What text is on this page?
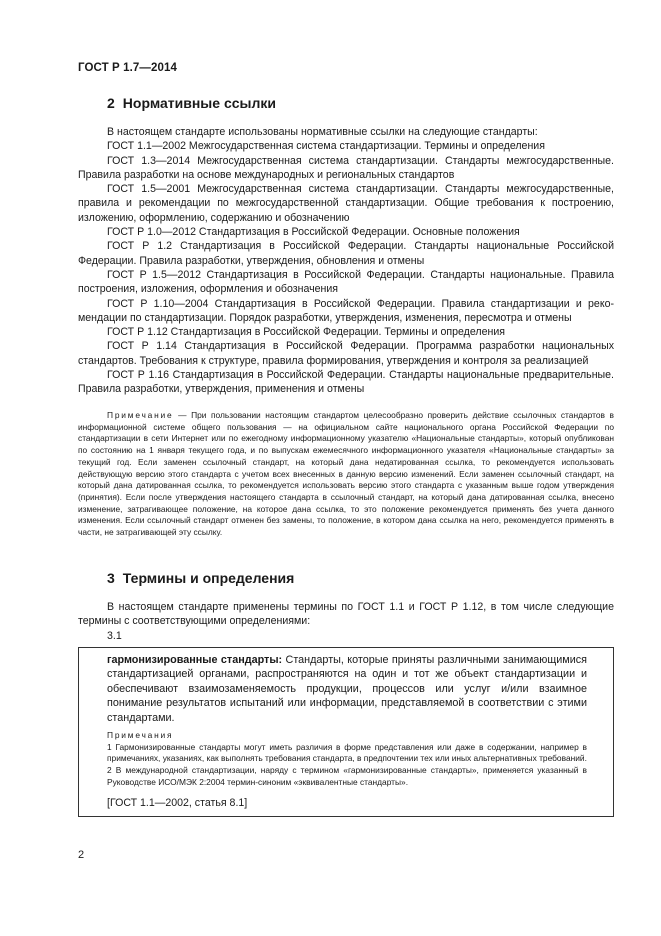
ГОСТ Р 1.7—2014
2 Нормативные ссылки

В настоящем стандарте использованы нормативные ссылки на следующие стандарты:

ГОСТ 1.1—2002 Межгосударственная система стандартизации. Термины и определения

ГОСТ 1.3—2014 Межгосударственная система стандартизации. Стандарты межгосударственные. Правила разработки на основе международных и региональных стандартов

ГОСТ 1.5—2001 Межгосударственная система стандартизации. Стандарты межгосударственные, правила и рекомендации по межгосударственной стандартизации. Общие требования к построению, изложению, оформлению, содержанию и обозначению

ГОСТ Р 1.0—2012 Стандартизация в Российской Федерации. Основные положения

ГОСТ Р 1.2 Стандартизация в Российской Федерации. Стандарты национальные Российской Федерации. Правила разработки, утверждения, обновления и отмены

ГОСТ Р 1.5—2012 Стандартизация в Российской Федерации. Стандарты национальные. Правила построения, изложения, оформления и обозначения

ГОСТ Р 1.10—2004 Стандартизация в Российской Федерации. Правила стандартизации и рекомендации по стандартизации. Порядок разработки, утверждения, изменения, пересмотра и отмены

ГОСТ Р 1.12 Стандартизация в Российской Федерации. Термины и определения

ГОСТ Р 1.14 Стандартизация в Российской Федерации. Программа разработки национальных стандартов. Требования к структуре, правила формирования, утверждения и контроля за реализацией

ГОСТ Р 1.16 Стандартизация в Российской Федерации. Стандарты национальные предварительные. Правила разработки, утверждения, применения и отмены

Примечание — При пользовании настоящим стандартом целесообразно проверить действие ссылочных стандартов в информационной системе общего пользования — на официальном сайте национального органа Российской Федерации по стандартизации в сети Интернет или по ежегодному информационному указателю «Национальные стандарты», который опубликован по состоянию на 1 января текущего года, и по выпускам ежемесячного информационного указателя «Национальные стандарты» за текущий год. Если заменен ссылочный стандарт, на который дана недатированная ссылка, то рекомендуется использовать действующую версию этого стандарта с учетом всех внесенных в данную версию изменений. Если заменен ссылочный стандарт, на который дана датированная ссылка, то рекомендуется использовать версию этого стандарта с указанным выше годом утверждения (принятия). Если после утверждения настоящего стандарта в ссылочный стандарт, на который дана датированная ссылка, внесено изменение, затрагивающее положение, на которое дана ссылка, то это положение рекомендуется применять без учета данного изменения. Если ссылочный стандарт отменен без замены, то положение, в котором дана ссылка на него, рекомендуется применять в части, не затрагивающей эту ссылку.

3 Термины и определения

В настоящем стандарте применены термины по ГОСТ 1.1 и ГОСТ Р 1.12, в том числе следующие термины с соответствующими определениями:

3.1

гармонизированные стандарты: Стандарты, которые приняты различными занимающимися стандартизацией органами, распространяются на один и тот же объект стандартизации и обеспечивают взаимозаменяемость продукции, процессов или услуг и/или взаимное понимание результатов испытаний или информации, представляемой в соответствии с этими стандартами.

Примечания

1 Гармонизированные стандарты могут иметь различия в форме представления или даже в содержании, например в примечаниях, указаниях, как выполнять требования стандарта, в предпочтении тех или иных альтернативных требований.

2 В международной стандартизации, наряду с термином «гармонизированные стандарты», применяется указанный в Руководстве ИСО/МЭК 2:2004 термин-синоним «эквивалентные стандарты».

[ГОСТ 1.1—2002, статья 8.1]
2
